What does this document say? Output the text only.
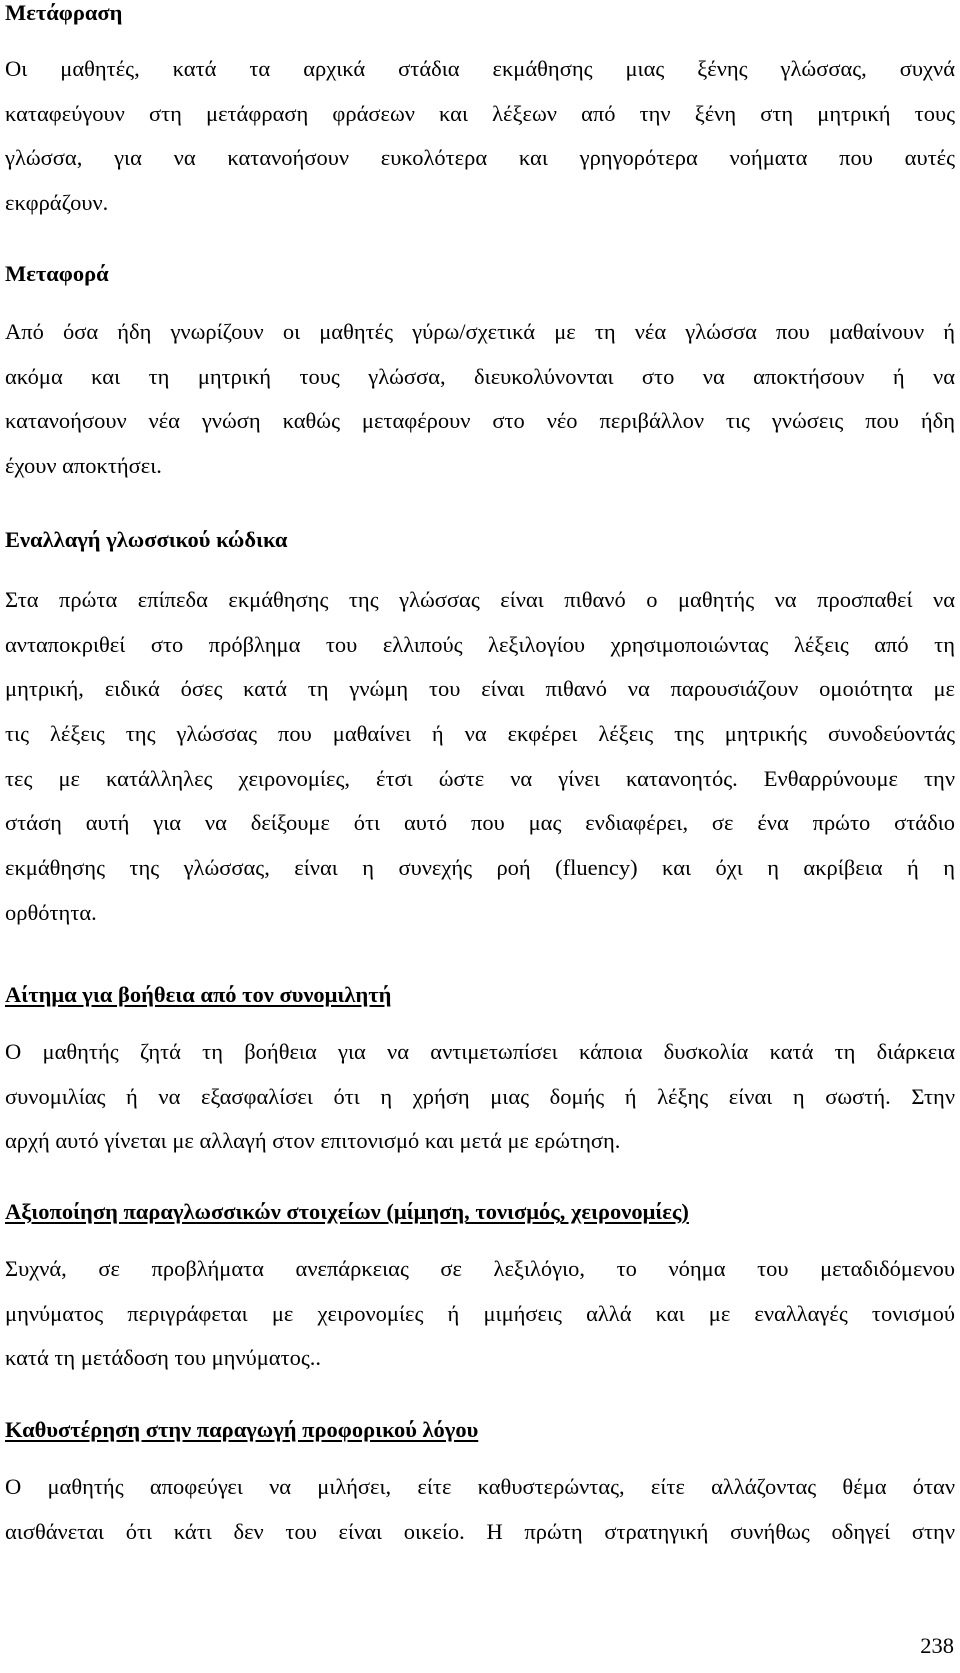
Μετάφραση
Οι μαθητές, κατά τα αρχικά στάδια εκμάθησης μιας ξένης γλώσσας, συχνά
καταφεύγουν στη μετάφραση φράσεων και λέξεων από την ξένη στη μητρική τους
γλώσσα, για να κατανοήσουν ευκολότερα και γρηγορότερα νοήματα που αυτές
εκφράζουν.
Μεταφορά
Από όσα ήδη γνωρίζουν οι μαθητές γύρω/σχετικά με τη νέα γλώσσα που μαθαίνουν ή
ακόμα και τη μητρική τους γλώσσα, διευκολύνονται στο να αποκτήσουν ή να
κατανοήσουν νέα γνώση καθώς μεταφέρουν στο νέο περιβάλλον τις γνώσεις που ήδη
έχουν αποκτήσει.
Εναλλαγή γλωσσικού κώδικα
Στα πρώτα επίπεδα εκμάθησης της γλώσσας είναι πιθανό ο μαθητής να προσπαθεί να
ανταποκριθεί στο πρόβλημα του ελλιπούς λεξιλογίου χρησιμοποιώντας λέξεις από τη
μητρική, ειδικά όσες κατά τη γνώμη του είναι πιθανό να παρουσιάζουν ομοιότητα με
τις λέξεις της γλώσσας που μαθαίνει ή να εκφέρει λέξεις της μητρικής συνοδεύοντάς
τες με κατάλληλες χειρονομίες, έτσι ώστε να γίνει κατανοητός. Ενθαρρύνουμε την
στάση αυτή για να δείξουμε ότι αυτό που μας ενδιαφέρει, σε ένα πρώτο στάδιο
εκμάθησης της γλώσσας, είναι η συνεχής ροή (fluency) και όχι η ακρίβεια ή η
ορθότητα.
Αίτημα για βοήθεια από τον συνομιλητή
Ο μαθητής ζητά τη βοήθεια για να αντιμετωπίσει κάποια δυσκολία κατά τη διάρκεια
συνομιλίας ή να εξασφαλίσει ότι η χρήση μιας δομής ή λέξης είναι η σωστή. Στην
αρχή αυτό γίνεται με αλλαγή στον επιτονισμό και μετά με ερώτηση.
Αξιοποίηση παραγλωσσικών στοιχείων (μίμηση, τονισμός, χειρονομίες)
Συχνά, σε προβλήματα ανεπάρκειας σε λεξιλόγιο, το νόημα του μεταδιδόμενου
μηνύματος περιγράφεται με χειρονομίες ή μιμήσεις αλλά και με εναλλαγές τονισμού
κατά τη μετάδοση του μηνύματος..
Καθυστέρηση στην παραγωγή προφορικού λόγου
Ο μαθητής αποφεύγει να μιλήσει, είτε καθυστερώντας, είτε αλλάζοντας θέμα όταν
αισθάνεται ότι κάτι δεν του είναι οικείο. Η πρώτη στρατηγική συνήθως οδηγεί στην
238
